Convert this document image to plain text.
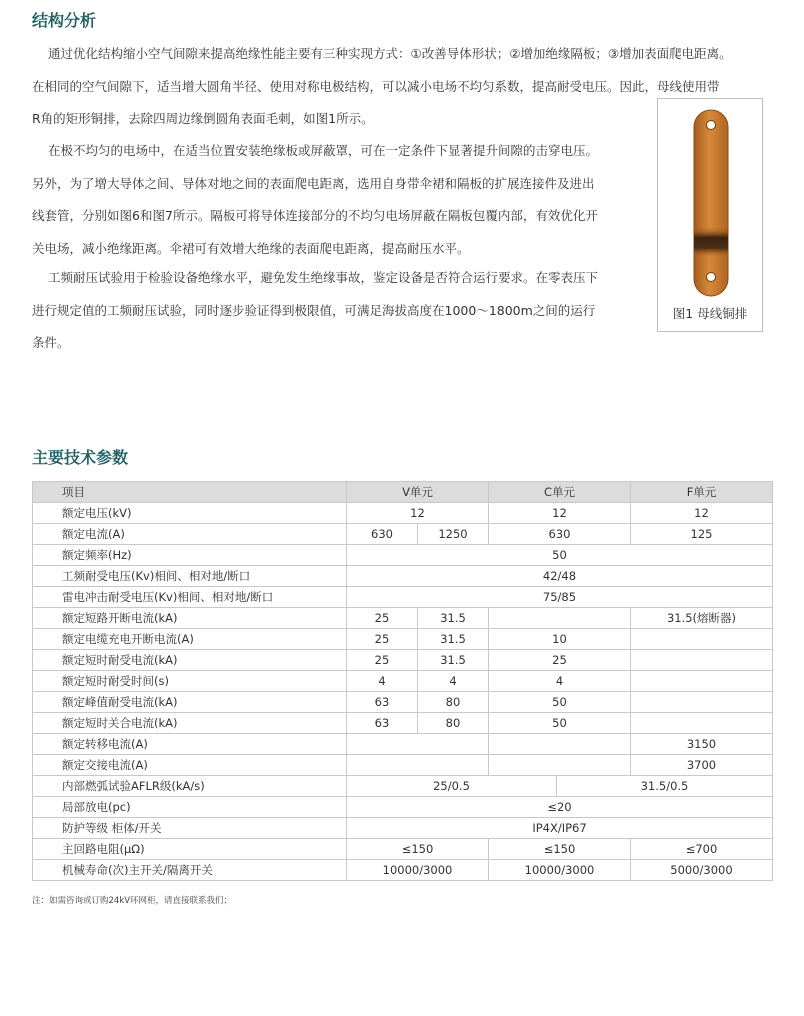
结构分析
通过优化结构缩小空气间隙来提高绝缘性能主要有三种实现方式：①改善导体形状；②增加绝缘隔板；③增加表面爬电距离。
在相同的空气间隙下，适当增大圆角半径、使用对称电极结构，可以减小电场不均匀系数，提高耐受电压。因此，母线使用带
R角的矩形铜排，去除四周边缘倒圆角表面毛刺，如图1所示。
在极不均匀的电场中，在适当位置安装绝缘板或屏蔽罩，可在一定条件下显著提升间隙的击穿电压。
另外，为了增大导体之间、导体对地之间的表面爬电距离，选用自身带伞裙和隔板的扩展连接件及进出
线套管，分别如图6和图7所示。隔板可将导体连接部分的不均匀电场屏蔽在隔板包覆内部，有效优化开
关电场，减小绝缘距离。伞裙可有效增大绝缘的表面爬电距离，提高耐压水平。
工频耐压试验用于检验设备绝缘水平，避免发生绝缘事故，鉴定设备是否符合运行要求。在零表压下
进行规定值的工频耐压试验，同时逐步验证得到极限值，可满足海拔高度在1000～1800m之间的运行
条件。
图1 母线铜排
主要技术参数
项目	V单元		C单元		F单元
额定电压(kV)	12		12		12
额定电流(A)	630	1250	630		125
额定频率(Hz)	50				
工频耐受电压(Kv)相间、相对地/断口	42/48				
雷电冲击耐受电压(Kv)相间、相对地/断口	75/85				
额定短路开断电流(kA)	25	31.5			31.5(熔断器)
额定电缆充电开断电流(A)	25	31.5	10		
额定短时耐受电流(kA)	25	31.5	25		
额定短时耐受时间(s)	4	4	4		
额定峰值耐受电流(kA)	63	80	50		
额定短时关合电流(kA)	63	80	50		
额定转移电流(A)					3150
额定交接电流(A)					3700
内部燃弧试验AFLR级(kA/s)	25/0.5			31.5/0.5	
局部放电(pc)	≤20				
防护等级 柜体/开关	IP4X/IP67				
主回路电阻(μΩ)	≤150		≤150		≤700
机械寿命(次)主开关/隔离开关	10000/3000		10000/3000		5000/3000

注：如需咨询或订购24kV环网柜，请直接联系我们；
